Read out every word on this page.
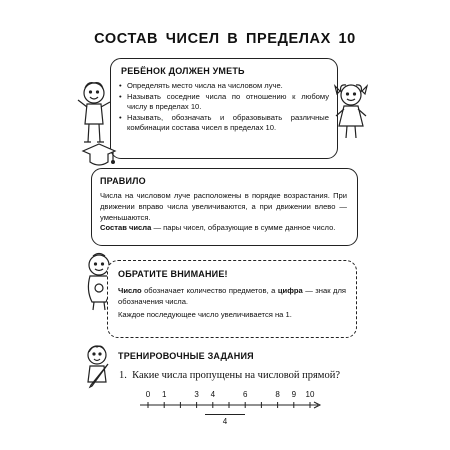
СОСТАВ ЧИСЕЛ В ПРЕДЕЛАХ 10
РЕБЁНОК ДОЛЖЕН УМЕТЬ
• Определять место числа на числовом луче.
• Называть соседние числа по отношению к любому числу в пределах 10.
• Называть, обозначать и образовывать различные комбинации состава чисел в пределах 10.
ПРАВИЛО
Числа на числовом луче расположены в порядке возрастания. При движении вправо числа увеличиваются, а при движении влево — уменьшаются.
Состав числа — пары чисел, образующие в сумме данное число.
ОБРАТИТЕ ВНИМАНИЕ!
Число обозначает количество предметов, а цифра — знак для обозначения числа.
Каждое последующее число увеличивается на 1.
ТРЕНИРОВОЧНЫЕ ЗАДАНИЯ
1. Какие числа пропущены на числовой прямой?
0	1	3	4	6	8	9	10
4
